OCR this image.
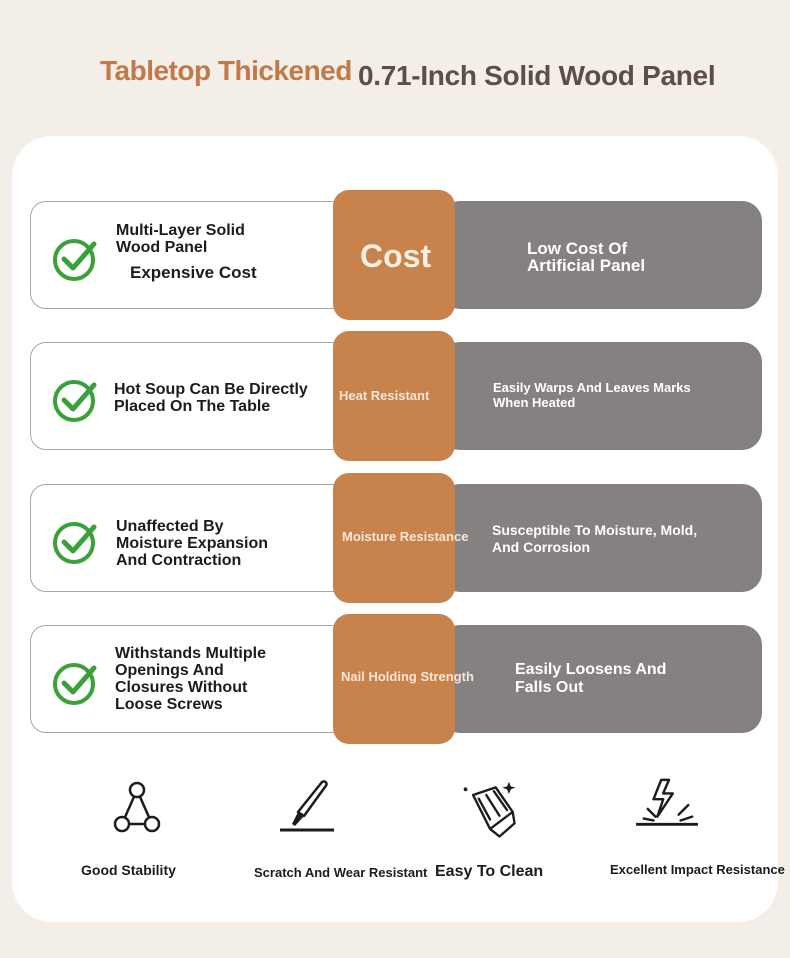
Tabletop Thickened 0.71-Inch Solid Wood Panel
Multi-Layer Solid
Wood Panel
Expensive Cost
Low Cost Of
Artificial Panel
Cost
Hot Soup Can Be Directly
Placed On The Table
Easily Warps And Leaves Marks
When Heated
Heat Resistant
Unaffected By
Moisture Expansion
And Contraction
Susceptible To Moisture, Mold,
And Corrosion
Moisture Resistance
Withstands Multiple
Openings And
Closures Without
Loose Screws
Easily Loosens And
Falls Out
Nail Holding Strength
Good Stability	Scratch And Wear Resistant Easy To Clean	Excellent Impact Resistance
